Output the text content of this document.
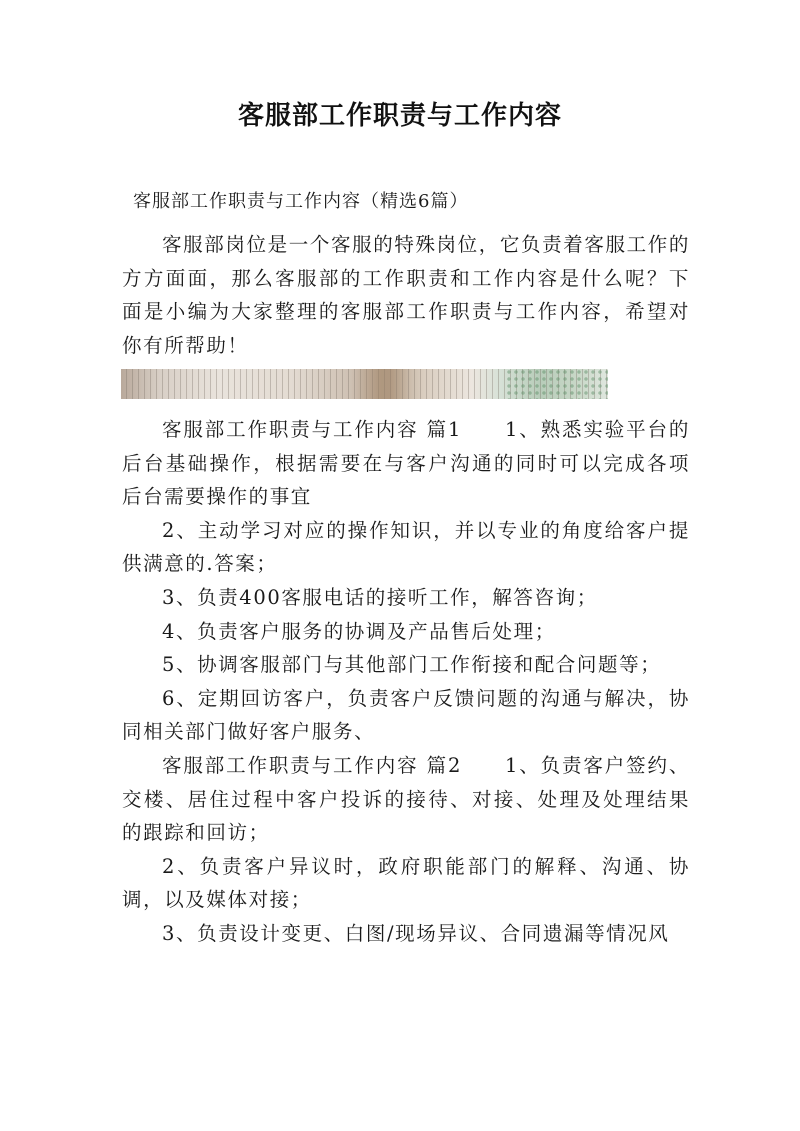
客服部工作职责与工作内容
客服部工作职责与工作内容（精选6篇）

客服部岗位是一个客服的特殊岗位，它负责着客服工作的方方面面，那么客服部的工作职责和工作内容是什么呢？下面是小编为大家整理的客服部工作职责与工作内容，希望对你有所帮助！

客服部工作职责与工作内容 篇1　　1、熟悉实验平台的后台基础操作，根据需要在与客户沟通的同时可以完成各项后台需要操作的事宜

2、主动学习对应的操作知识，并以专业的角度给客户提供满意的.答案；

3、负责400客服电话的接听工作，解答咨询；

4、负责客户服务的协调及产品售后处理；

5、协调客服部门与其他部门工作衔接和配合问题等；

6、定期回访客户，负责客户反馈问题的沟通与解决，协同相关部门做好客户服务、

客服部工作职责与工作内容 篇2　　1、负责客户签约、交楼、居住过程中客户投诉的接待、对接、处理及处理结果的跟踪和回访；

2、负责客户异议时，政府职能部门的解释、沟通、协调，以及媒体对接；

3、负责设计变更、白图/现场异议、合同遗漏等情况风
